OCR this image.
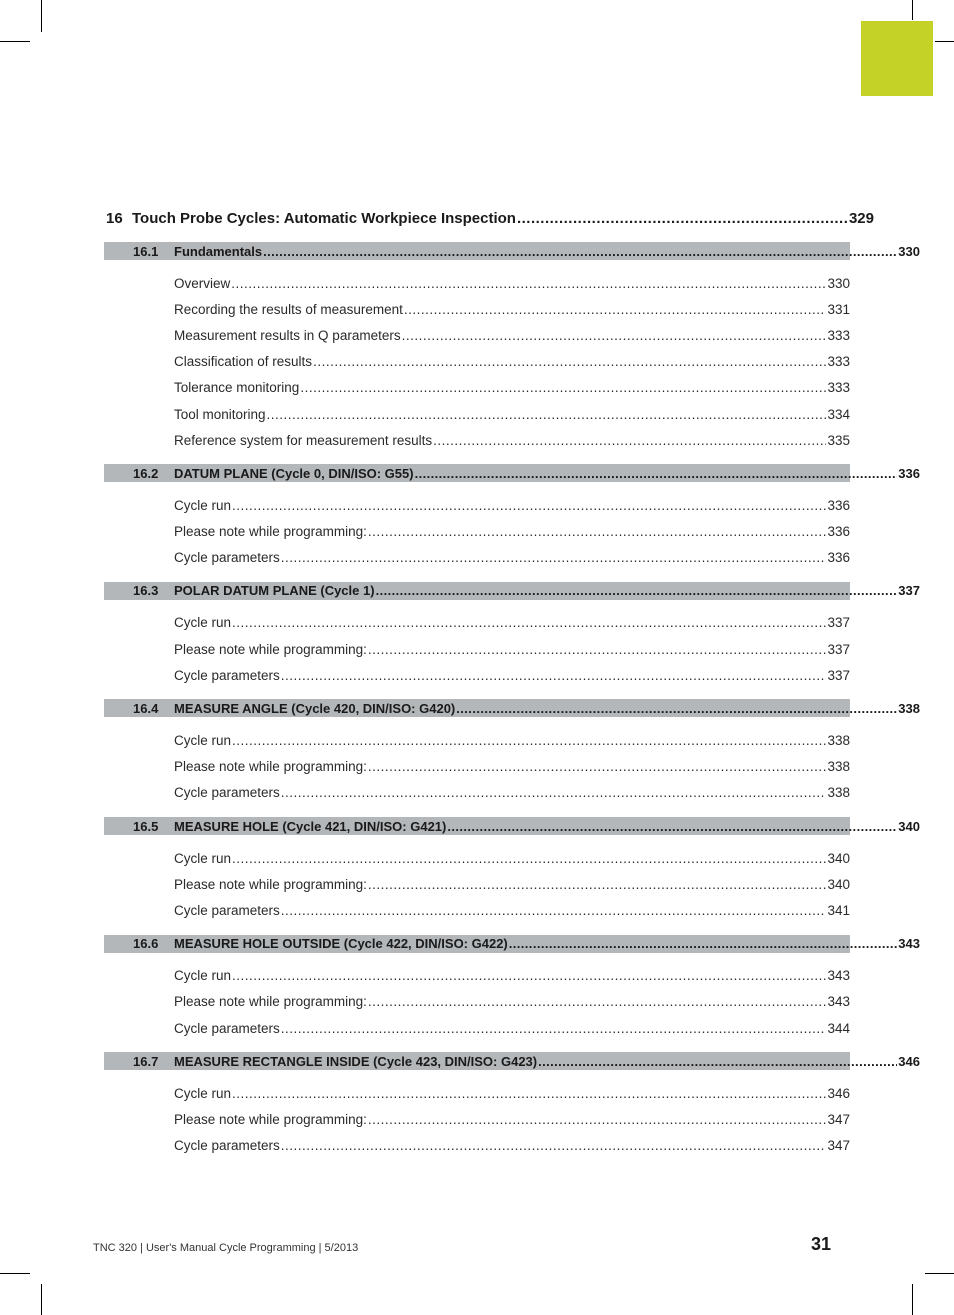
16 Touch Probe Cycles: Automatic Workpiece Inspection .....	329
16.1	Fundamentals .....	330
Overview .....	330
Recording the results of measurement .....	331
Measurement results in Q parameters .....	333
Classification of results .....	333
Tolerance monitoring .....	333
Tool monitoring .....	334
Reference system for measurement results .....	335
16.2	DATUM PLANE (Cycle 0, DIN/ISO: G55) .....	336
Cycle run .....	336
Please note while programming: .....	336
Cycle parameters .....	336
16.3	POLAR DATUM PLANE (Cycle 1) .....	337
Cycle run .....	337
Please note while programming: .....	337
Cycle parameters .....	337
16.4	MEASURE ANGLE (Cycle 420, DIN/ISO: G420) .....	338
Cycle run .....	338
Please note while programming: .....	338
Cycle parameters .....	338
16.5	MEASURE HOLE (Cycle 421, DIN/ISO: G421) .....	340
Cycle run .....	340
Please note while programming: .....	340
Cycle parameters .....	341
16.6	MEASURE HOLE OUTSIDE (Cycle 422, DIN/ISO: G422) .....	343
Cycle run .....	343
Please note while programming: .....	343
Cycle parameters .....	344
16.7	MEASURE RECTANGLE INSIDE (Cycle 423, DIN/ISO: G423) .....	346
Cycle run .....	346
Please note while programming: .....	347
Cycle parameters .....	347
TNC 320 | User's Manual Cycle Programming | 5/2013	31
